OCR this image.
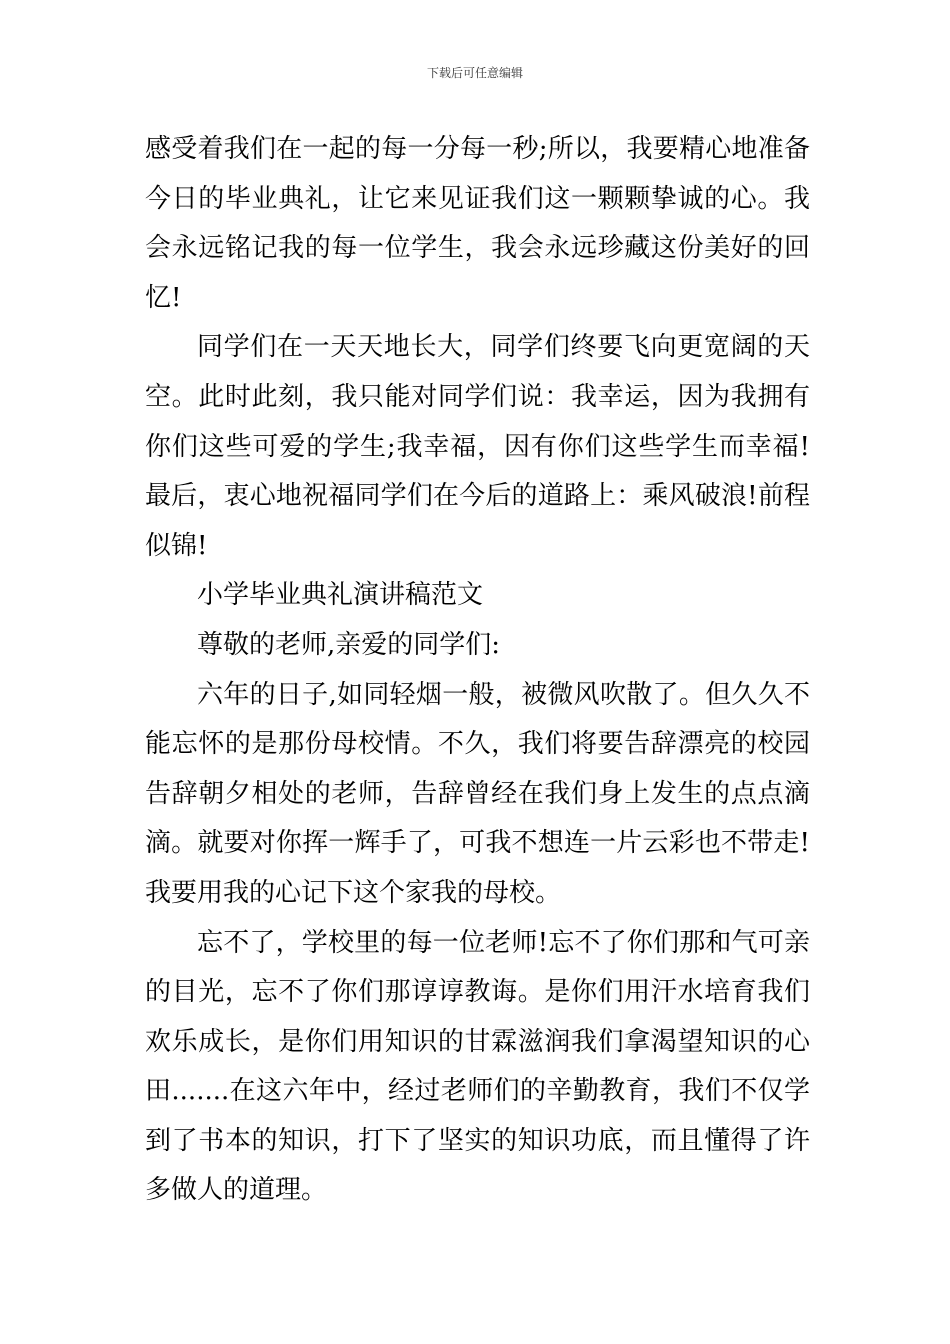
下载后可任意编辑

感受着我们在一起的每一分每一秒;所以，我要精心地准备今日的毕业典礼，让它来见证我们这一颗颗挚诚的心。我会永远铭记我的每一位学生，我会永远珍藏这份美好的回忆!

同学们在一天天地长大，同学们终要飞向更宽阔的天空。此时此刻，我只能对同学们说：我幸运，因为我拥有你们这些可爱的学生;我幸福，因有你们这些学生而幸福!最后，衷心地祝福同学们在今后的道路上：乘风破浪!前程似锦!

小学毕业典礼演讲稿范文

尊敬的老师,亲爱的同学们:

六年的日子,如同轻烟一般，被微风吹散了。但久久不能忘怀的是那份母校情。不久，我们将要告辞漂亮的校园告辞朝夕相处的老师，告辞曾经在我们身上发生的点点滴滴。就要对你挥一辉手了，可我不想连一片云彩也不带走!我要用我的心记下这个家我的母校。

忘不了，学校里的每一位老师!忘不了你们那和气可亲的目光，忘不了你们那谆谆教诲。是你们用汗水培育我们欢乐成长，是你们用知识的甘霖滋润我们拿渴望知识的心田.......在这六年中，经过老师们的辛勤教育，我们不仅学到了书本的知识，打下了坚实的知识功底，而且懂得了许多做人的道理。
